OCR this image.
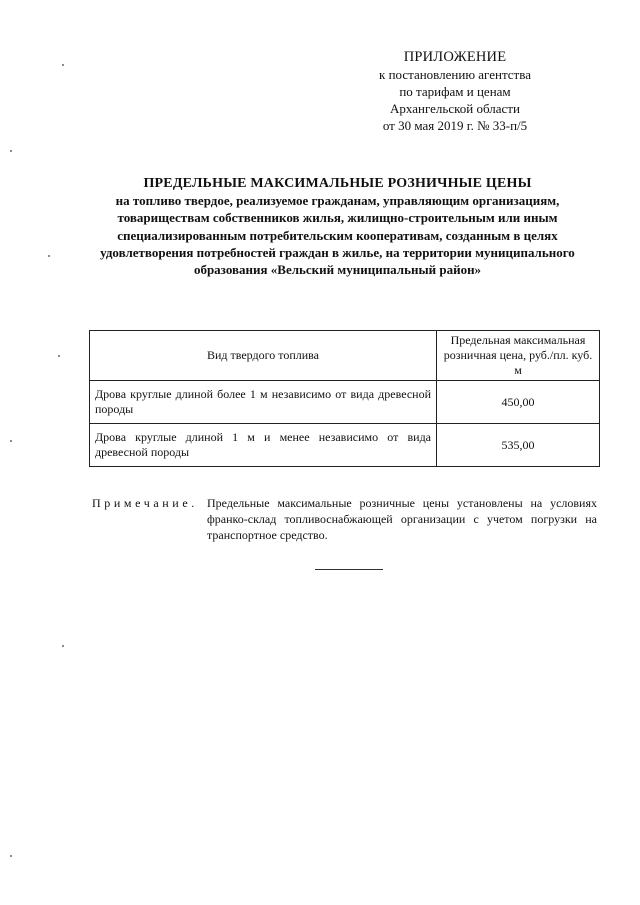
ПРИЛОЖЕНИЕ
к постановлению агентства
по тарифам и ценам
Архангельской области
от 30 мая 2019 г. № 33-п/5
ПРЕДЕЛЬНЫЕ МАКСИМАЛЬНЫЕ РОЗНИЧНЫЕ ЦЕНЫ
на топливо твердое, реализуемое гражданам, управляющим организациям, товариществам собственников жилья, жилищно-строительным или иным специализированным потребительским кооперативам, созданным в целях удовлетворения потребностей граждан в жилье, на территории муниципального образования «Вельский муниципальный район»
Вид твердого топлива	Предельная максимальная розничная цена, руб./пл. куб. м
Дрова круглые длиной более 1 м независимо от вида древесной породы	450,00
Дрова круглые длиной 1 м и менее независимо от вида древесной породы	535,00
Примечание. Предельные максимальные розничные цены установлены на условиях франко-склад топливоснабжающей организации с учетом погрузки на транспортное средство.
